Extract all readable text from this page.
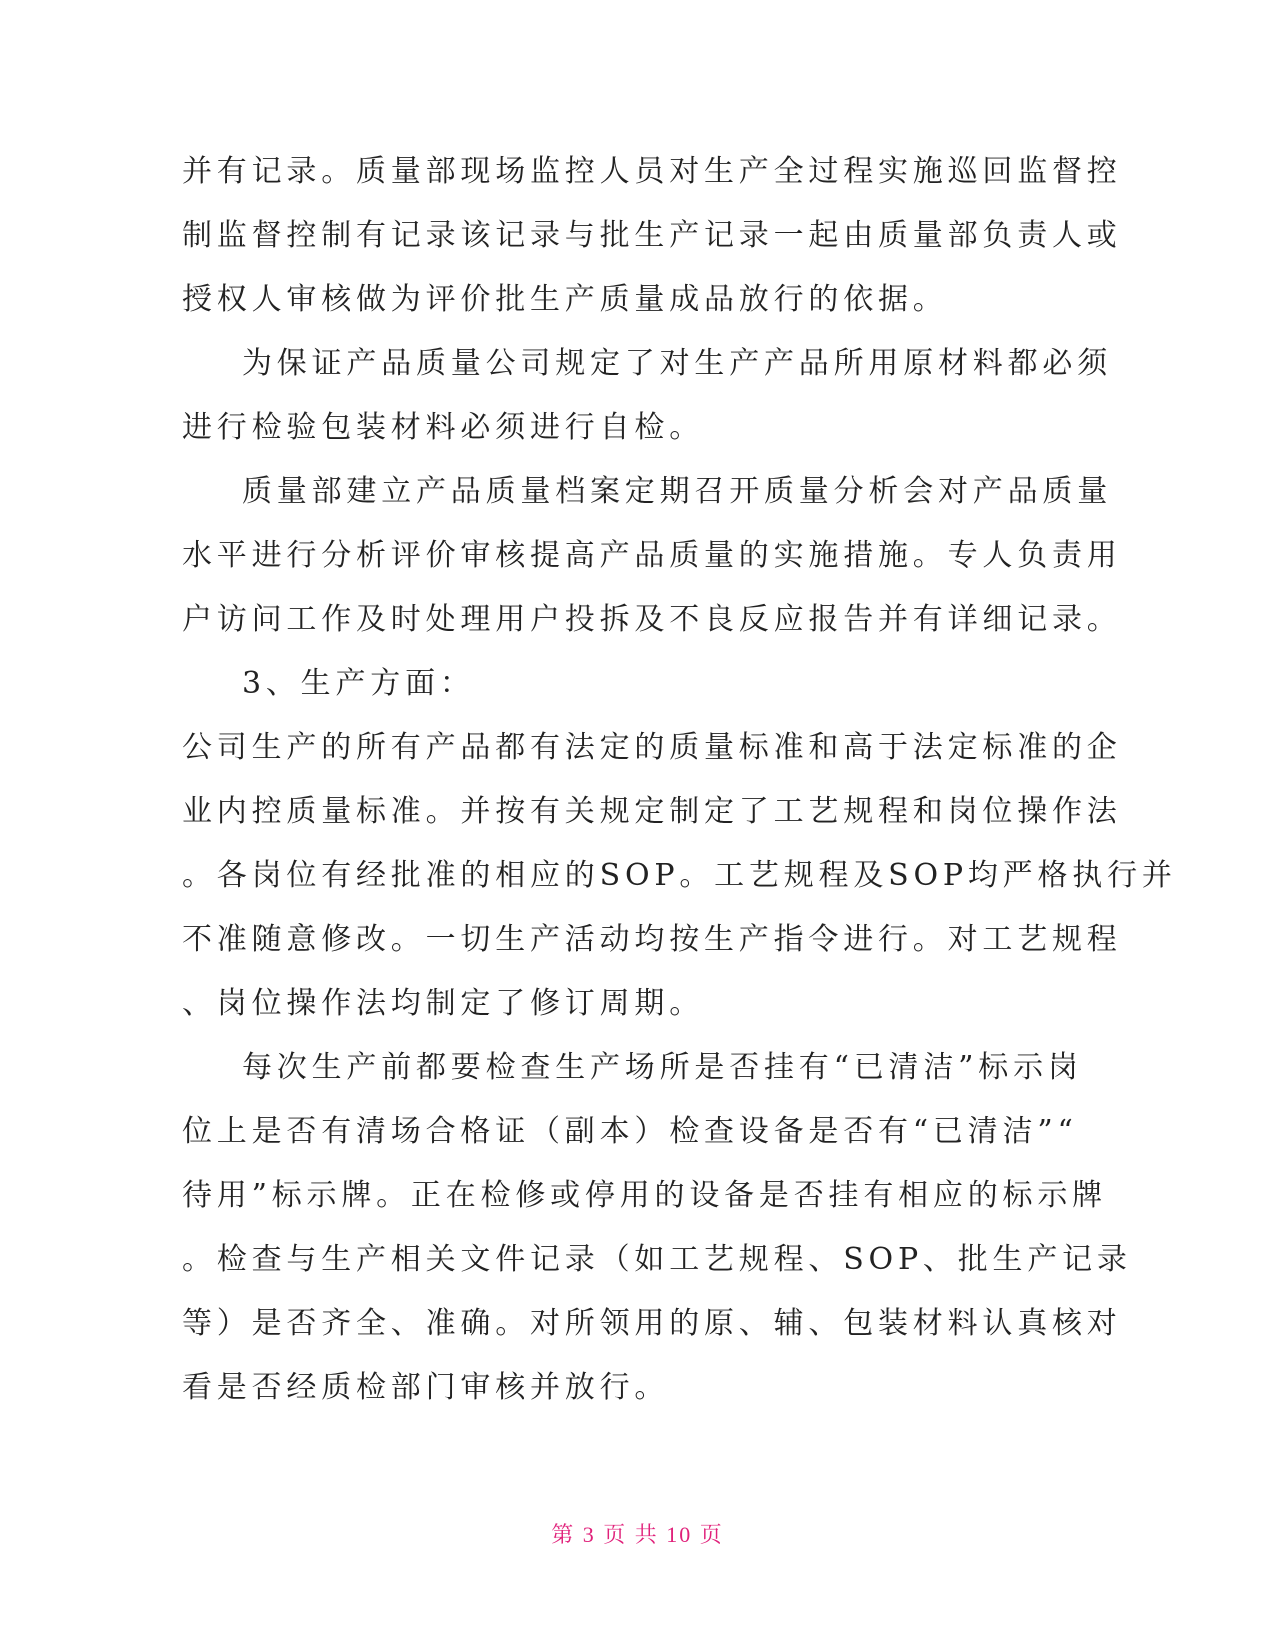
并有记录。质量部现场监控人员对生产全过程实施巡回监督控
制监督控制有记录该记录与批生产记录一起由质量部负责人或
授权人审核做为评价批生产质量成品放行的依据。
为保证产品质量公司规定了对生产产品所用原材料都必须
进行检验包装材料必须进行自检。
质量部建立产品质量档案定期召开质量分析会对产品质量
水平进行分析评价审核提高产品质量的实施措施。专人负责用
户访问工作及时处理用户投拆及不良反应报告并有详细记录。
3、生产方面：
公司生产的所有产品都有法定的质量标准和高于法定标准的企
业内控质量标准。并按有关规定制定了工艺规程和岗位操作法
。各岗位有经批准的相应的SOP。工艺规程及SOP均严格执行并
不准随意修改。一切生产活动均按生产指令进行。对工艺规程
、岗位操作法均制定了修订周期。
每次生产前都要检查生产场所是否挂有“已清洁”标示岗
位上是否有清场合格证（副本）检查设备是否有“已清洁”“
待用”标示牌。正在检修或停用的设备是否挂有相应的标示牌
。检查与生产相关文件记录（如工艺规程、SOP、批生产记录
等）是否齐全、准确。对所领用的原、辅、包装材料认真核对
看是否经质检部门审核并放行。
第 3 页 共 10 页
